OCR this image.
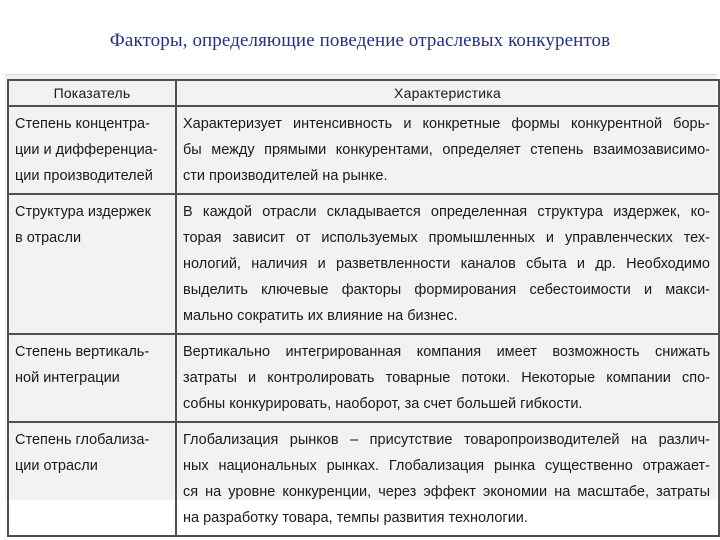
Факторы, определяющие поведение отраслевых конкурентов
Показатель	Характеристика

Степень концентра-
ции и дифференциа-
ции производителей	Характеризует интенсивность и конкретные формы конкурентной борь-
бы между прямыми конкурентами, определяет степень взаимозависимо-
сти производителей на рынке.

Структура издержек
в отрасли	В каждой отрасли складывается определенная структура издержек, ко-
торая зависит от используемых промышленных и управленческих тех-
нологий, наличия и разветвленности каналов сбыта и др. Необходимо
выделить ключевые факторы формирования себестоимости и макси-
мально сократить их влияние на бизнес.

Степень вертикаль-
ной интеграции	Вертикально интегрированная компания имеет возможность снижать
затраты и контролировать товарные потоки. Некоторые компании спо-
собны конкурировать, наоборот, за счет большей гибкости.

Степень глобализа-
ции отрасли	Глобализация рынков – присутствие товаропроизводителей на различ-
ных национальных рынках. Глобализация рынка существенно отражает-
ся на уровне конкуренции, через эффект экономии на масштабе, затраты
на разработку товара, темпы развития технологии.
